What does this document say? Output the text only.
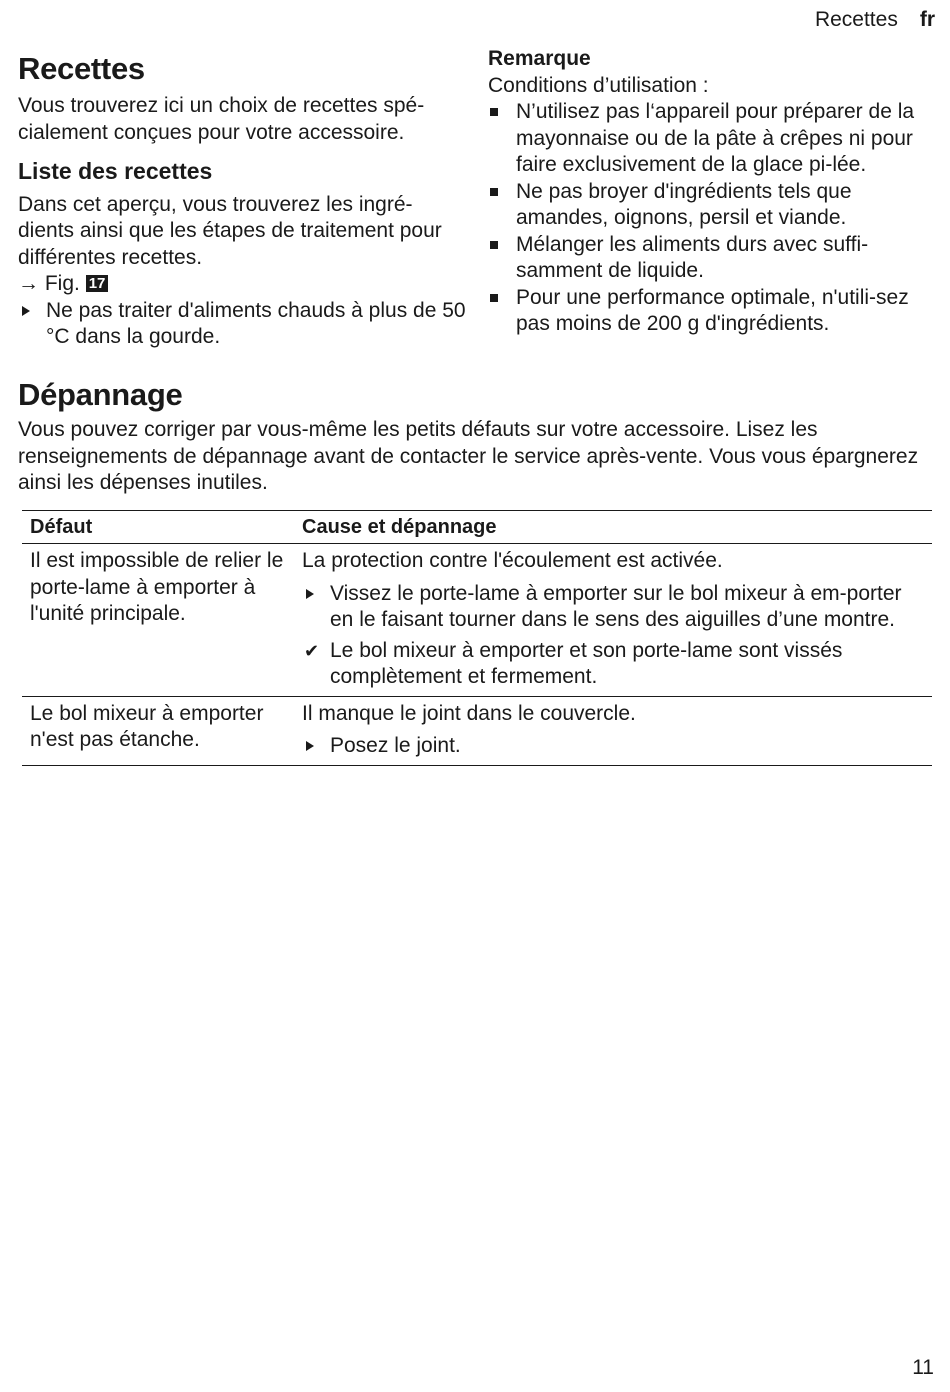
Recettes fr
Recettes

Vous trouverez ici un choix de recettes spé-cialement conçues pour votre accessoire.

Liste des recettes

Dans cet aperçu, vous trouverez les ingré-dients ainsi que les étapes de traitement pour différentes recettes.

→ Fig. 17
Ne pas traiter d'aliments chauds à plus de 50 °C dans la gourde.
Remarque

Conditions d’utilisation :

N’utilisez pas l‘appareil pour préparer de la mayonnaise ou de la pâte à crêpes ni pour faire exclusivement de la glace pi-lée.
Ne pas broyer d'ingrédients tels que amandes, oignons, persil et viande.
Mélanger les aliments durs avec suffi-samment de liquide.
Pour une performance optimale, n'utili-sez pas moins de 200 g d'ingrédients.
Dépannage

Vous pouvez corriger par vous-même les petits défauts sur votre accessoire. Lisez les renseignements de dépannage avant de contacter le service après-vente. Vous vous épargnerez ainsi les dépenses inutiles.

Défaut	Cause et dépannage
Il est impossible de relier le porte-lame à emporter à l'unité principale.	La protection contre l'écoulement est activée.
Vissez le porte-lame à emporter sur le bol mixeur à em-porter en le faisant tourner dans le sens des aiguilles d’une montre.
✔ Le bol mixeur à emporter et son porte-lame sont vissés complètement et fermement.

Le bol mixeur à emporter n'est pas étanche.	Il manque le joint dans le couvercle.
Posez le joint.
11
